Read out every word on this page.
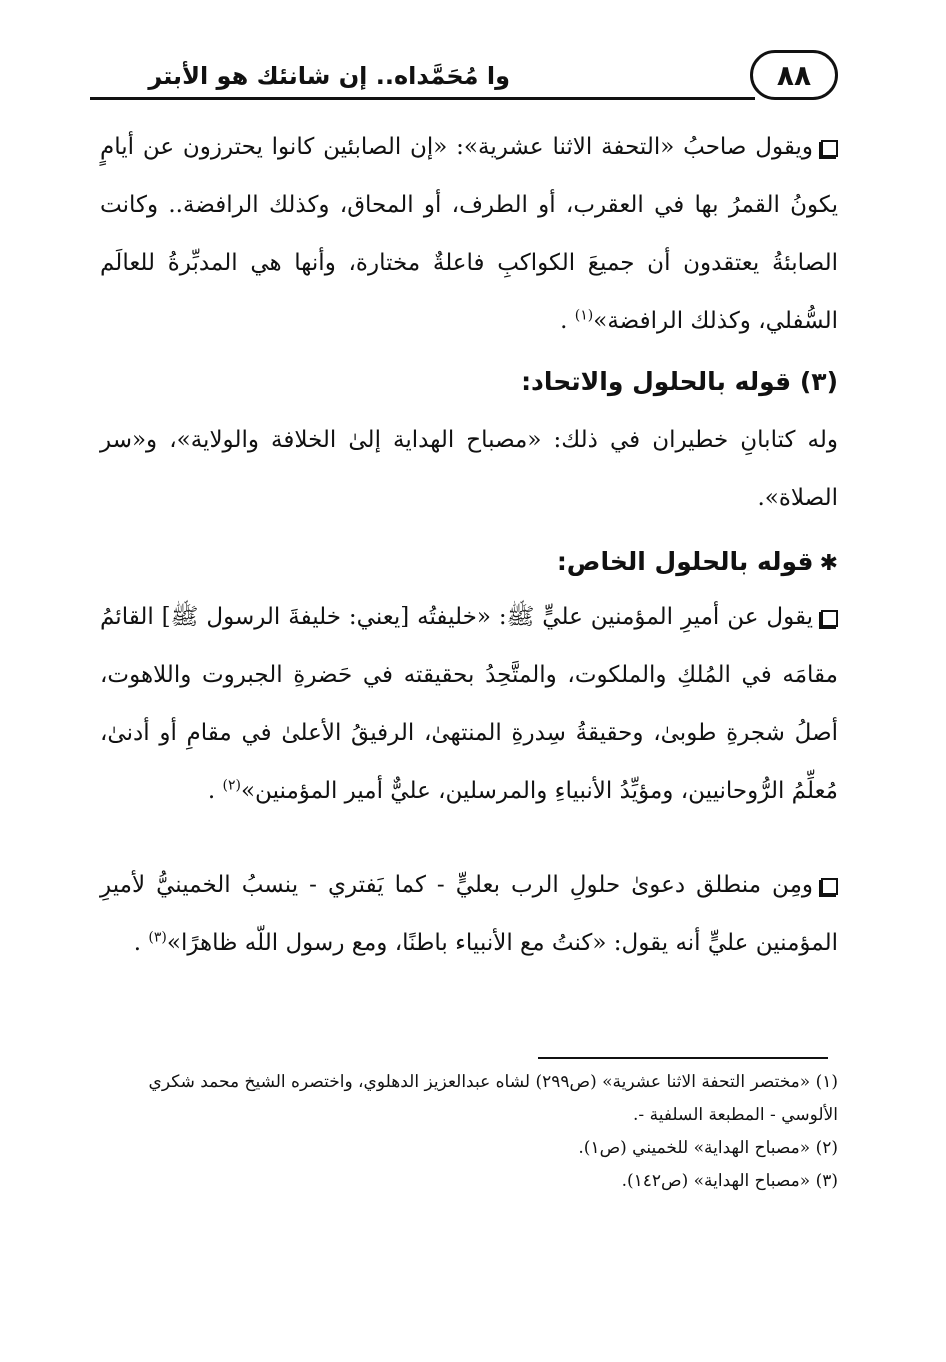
٨٨
وا مُحَمَّداه.. إن شانئك هو الأبتر
ويقول صاحبُ «التحفة الاثنا عشرية»: «إن الصابئين كانوا يحترزون عن أيامٍ يكونُ القمرُ بها في العقرب، أو الطرف، أو المحاق، وكذلك الرافضة.. وكانت الصابئةُ يعتقدون أن جميعَ الكواكبِ فاعلةٌ مختارة، وأنها هي المدبِّرةُ للعالَم السُّفلي، وكذلك الرافضة»$^{(١)}$ .
(٣) قوله بالحلول والاتحاد:
وله كتابانِ خطيران في ذلك: «مصباح الهداية إلىٰ الخلافة والولاية»، و«سر الصلاة».
✱قوله بالحلول الخاص:
يقول عن أميرِ المؤمنين عليٍّ ﷺ: «خليفتُه [يعني: خليفةَ الرسول ﷺ] القائمُ مقامَه في المُلكِ والملكوت، والمتَّحِدُ بحقيقته في حَضرةِ الجبروت واللاهوت، أصلُ شجرةِ طوبىٰ، وحقيقةُ سِدرةِ المنتهىٰ، الرفيقُ الأعلىٰ في مقامِ أو أدنىٰ، مُعلِّمُ الرُّوحانيين، ومؤيِّدُ الأنبياءِ والمرسلين، عليٌّ أمير المؤمنين»$^{(٢)}$ .
ومِن منطلق دعوىٰ حلولِ الرب بعليٍّ - كما يَفتري - ينسبُ الخمينيُّ لأميرِ المؤمنين عليٍّ أنه يقول: «كنتُ مع الأنبياء باطنًا، ومع رسول اللّه ظاهرًا»$^{(٣)}$ .

(١) «مختصر التحفة الاثنا عشرية» (ص٢٩٩) لشاه عبدالعزيز الدهلوي، واختصره الشيخ محمد شكري الألوسي - المطبعة السلفية -.

(٢) «مصباح الهداية» للخميني (ص١).

(٣) «مصباح الهداية» (ص١٤٢).
